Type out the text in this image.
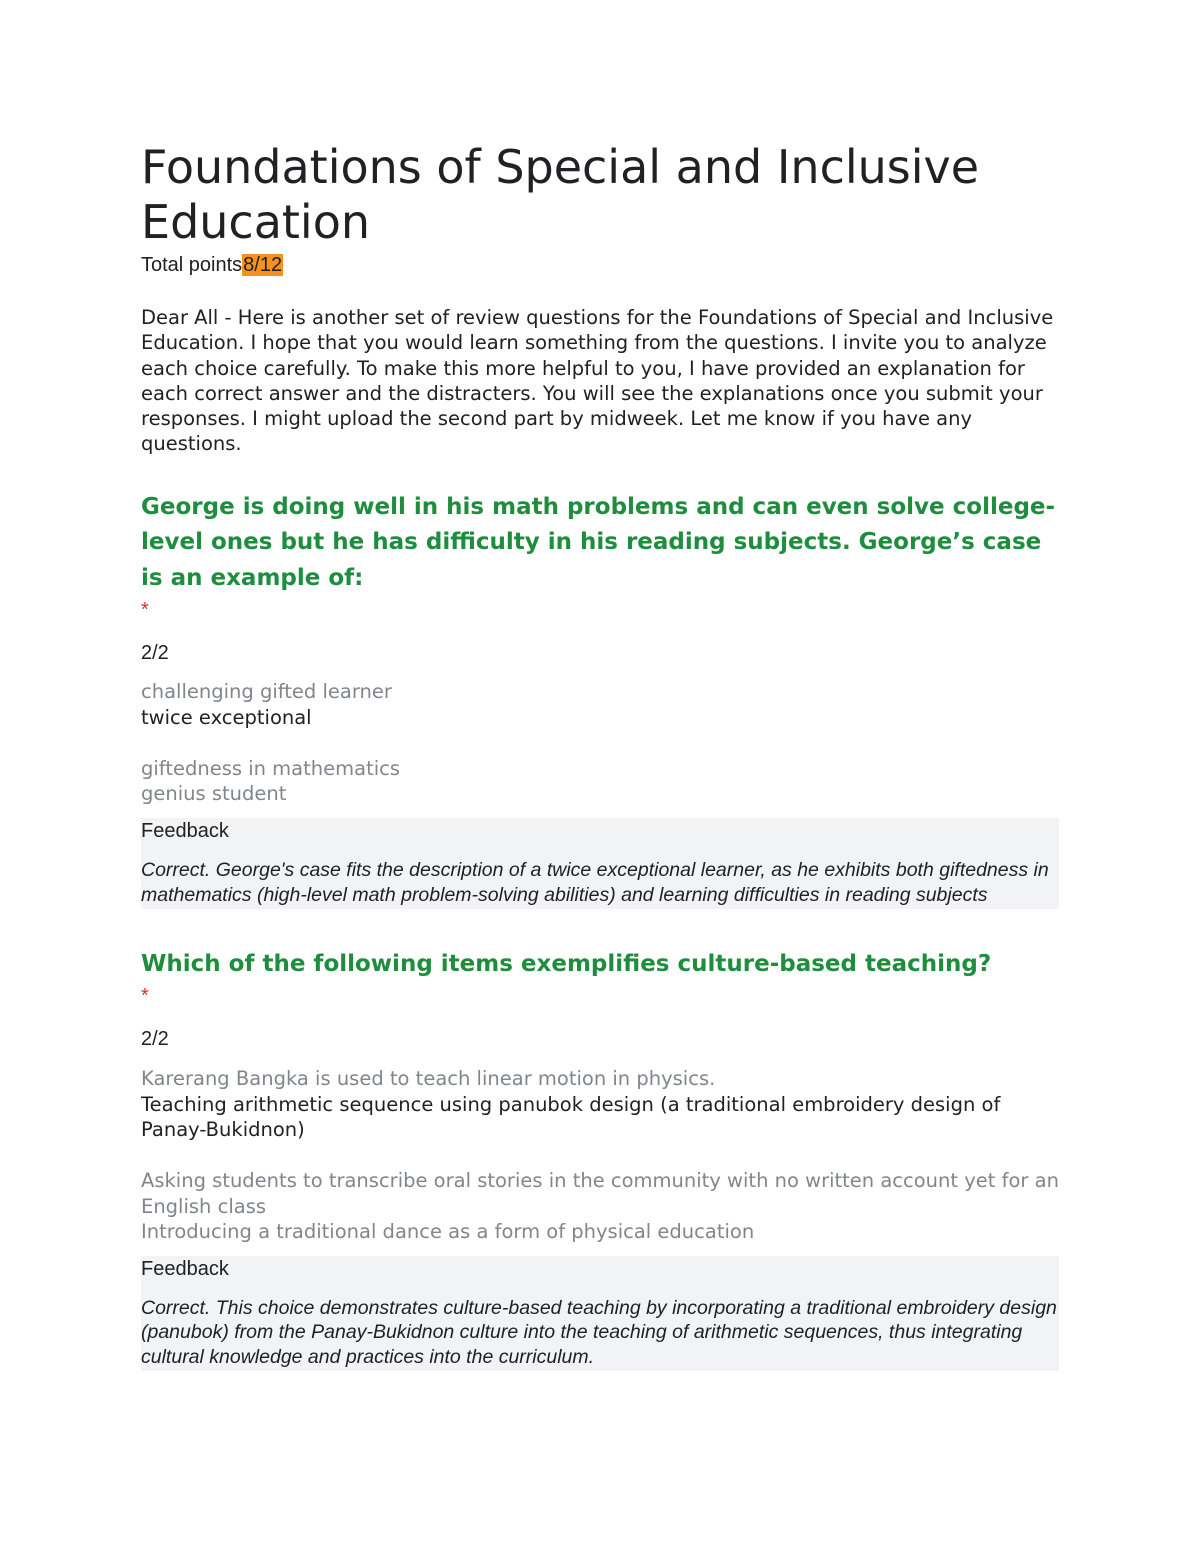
Foundations of Special and Inclusive
Education
Total points8/12
Dear All - Here is another set of review questions for the Foundations of Special and Inclusive Education. I hope that you would learn something from the questions. I invite you to analyze each choice carefully. To make this more helpful to you, I have provided an explanation for each correct answer and the distracters. You will see the explanations once you submit your responses. I might upload the second part by midweek. Let me know if you have any questions.
George is doing well in his math problems and can even solve college-level ones but he has difficulty in his reading subjects. George’s case is an example of:
*
2/2
challenging gifted learner
twice exceptional
giftedness in mathematics
genius student
Feedback
Correct. George's case fits the description of a twice exceptional learner, as he exhibits both giftedness in mathematics (high-level math problem-solving abilities) and learning difficulties in reading subjects
Which of the following items exemplifies culture-based teaching?
*
2/2
Karerang Bangka is used to teach linear motion in physics.
Teaching arithmetic sequence using panubok design (a traditional embroidery design of Panay-Bukidnon)
Asking students to transcribe oral stories in the community with no written account yet for an English class
Introducing a traditional dance as a form of physical education
Feedback
Correct. This choice demonstrates culture-based teaching by incorporating a traditional embroidery design (panubok) from the Panay-Bukidnon culture into the teaching of arithmetic sequences, thus integrating cultural knowledge and practices into the curriculum.
